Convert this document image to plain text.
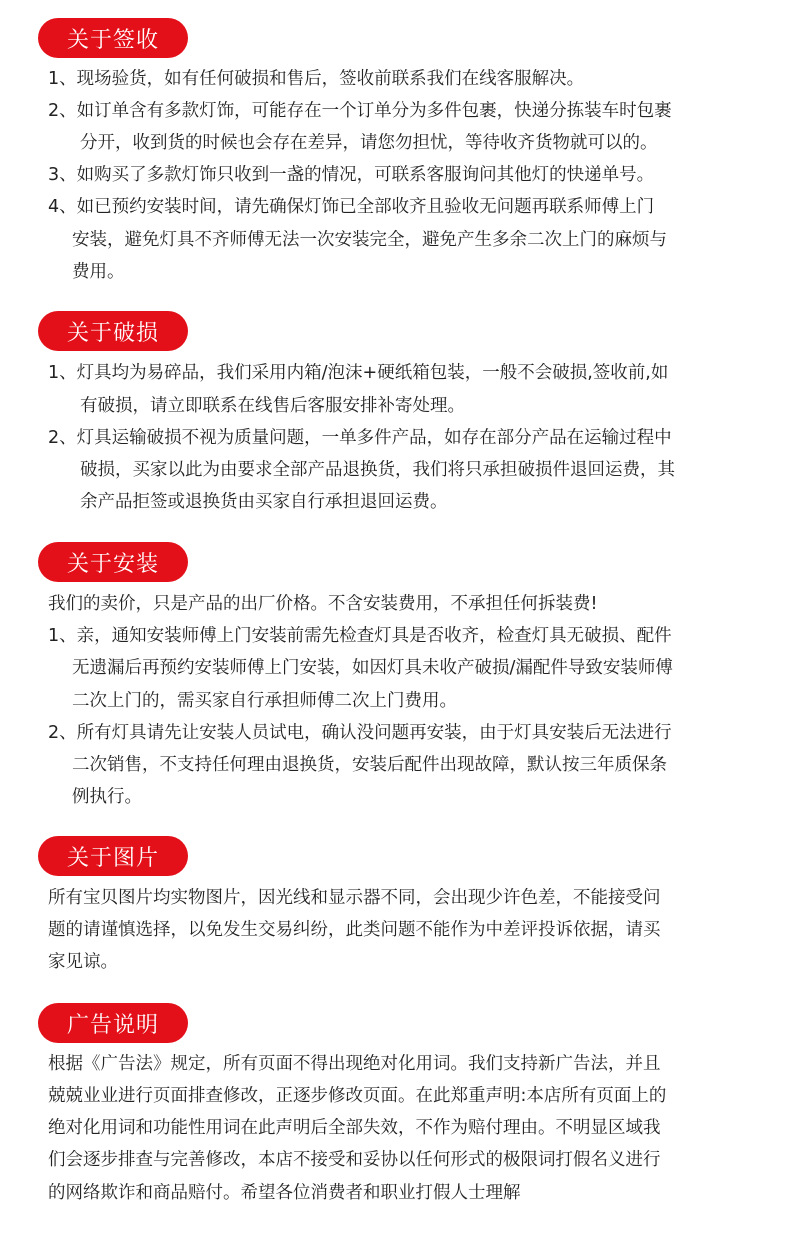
关于签收
1、现场验货，如有任何破损和售后，签收前联系我们在线客服解决。
2、如订单含有多款灯饰，可能存在一个订单分为多件包裹，快递分拣装车时包裹
分开，收到货的时候也会存在差异，请您勿担忧，等待收齐货物就可以的。
3、如购买了多款灯饰只收到一盏的情况，可联系客服询问其他灯的快递单号。
4、如已预约安装时间，请先确保灯饰已全部收齐且验收无问题再联系师傅上门
安装，避免灯具不齐师傅无法一次安装完全，避免产生多余二次上门的麻烦与
费用。
关于破损
1、灯具均为易碎品，我们采用内箱/泡沫+硬纸箱包装，一般不会破损,签收前,如
有破损，请立即联系在线售后客服安排补寄处理。
2、灯具运输破损不视为质量问题，一单多件产品，如存在部分产品在运输过程中
破损，买家以此为由要求全部产品退换货，我们将只承担破损件退回运费，其
余产品拒签或退换货由买家自行承担退回运费。
关于安装
我们的卖价，只是产品的出厂价格。不含安装费用，不承担任何拆装费!
1、亲，通知安装师傅上门安装前需先检查灯具是否收齐，检查灯具无破损、配件
无遗漏后再预约安装师傅上门安装，如因灯具未收产破损/漏配件导致安装师傅
二次上门的，需买家自行承担师傅二次上门费用。
2、所有灯具请先让安装人员试电，确认没问题再安装，由于灯具安装后无法进行
二次销售，不支持任何理由退换货，安装后配件出现故障，默认按三年质保条
例执行。
关于图片
所有宝贝图片均实物图片，因光线和显示器不同，会出现少许色差，不能接受问
题的请谨慎选择，以免发生交易纠纷，此类问题不能作为中差评投诉依据，请买
家见谅。
广告说明
根据《广告法》规定，所有页面不得出现绝对化用词。我们支持新广告法，并且
兢兢业业进行页面排查修改，正逐步修改页面。在此郑重声明:本店所有页面上的
绝对化用词和功能性用词在此声明后全部失效，不作为赔付理由。不明显区域我
们会逐步排查与完善修改，本店不接受和妥协以任何形式的极限词打假名义进行
的网络欺诈和商品赔付。希望各位消费者和职业打假人士理解
